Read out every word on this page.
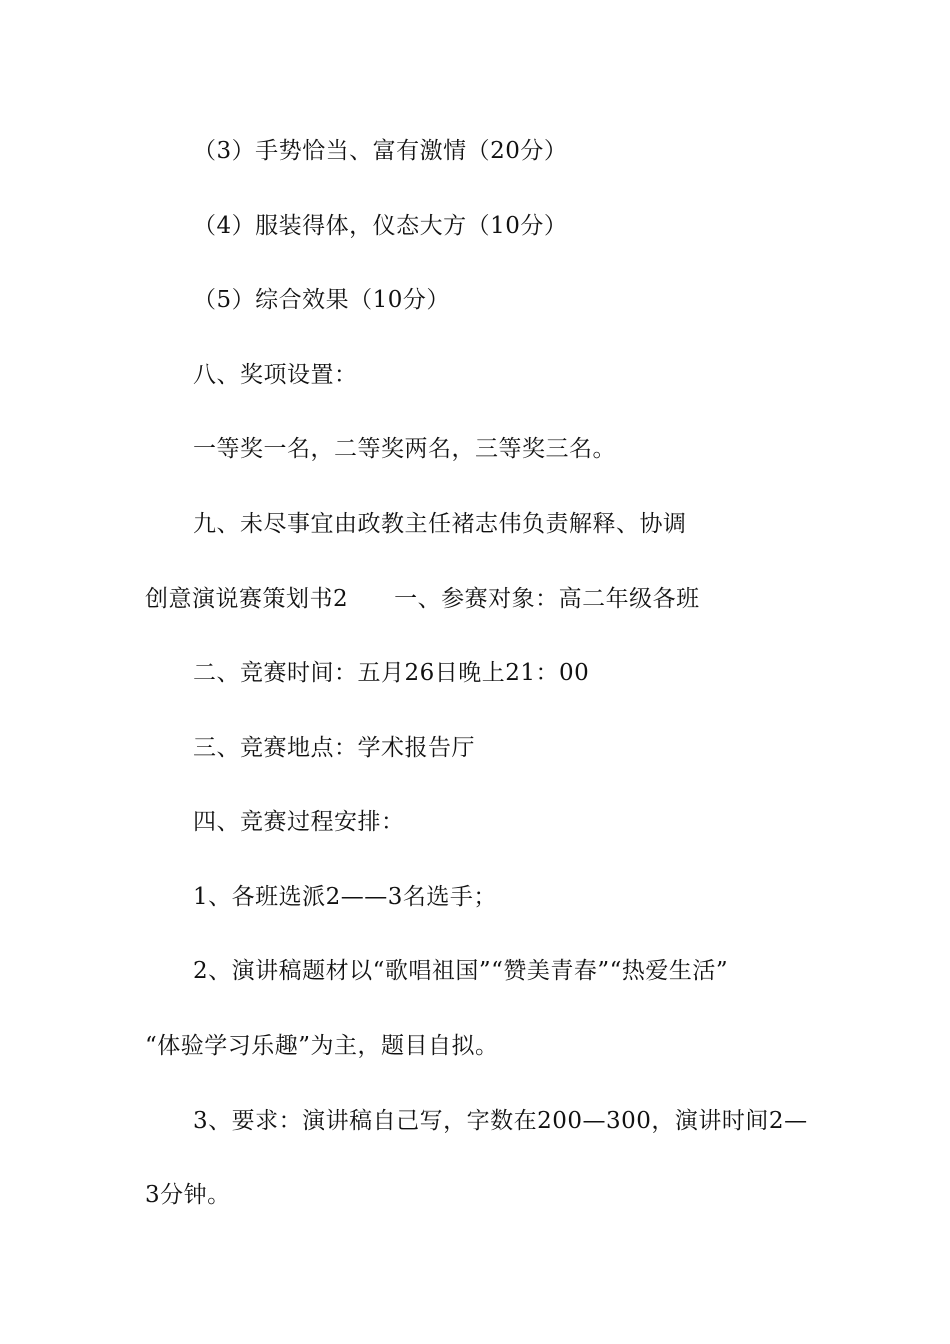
（3）手势恰当、富有激情（20分）
（4）服装得体，仪态大方（10分）
（5）综合效果（10分）
八、奖项设置：
一等奖一名，二等奖两名，三等奖三名。
九、未尽事宜由政教主任褚志伟负责解释、协调
创意演说赛策划书2 一、参赛对象：高二年级各班
二、竞赛时间：五月26日晚上21：00
三、竞赛地点：学术报告厅
四、竞赛过程安排：
1、各班选派2——3名选手；
2、演讲稿题材以“歌唱祖国”“赞美青春”“热爱生活”
“体验学习乐趣”为主，题目自拟。
3、要求：演讲稿自己写，字数在200—300，演讲时间2—
3分钟。
